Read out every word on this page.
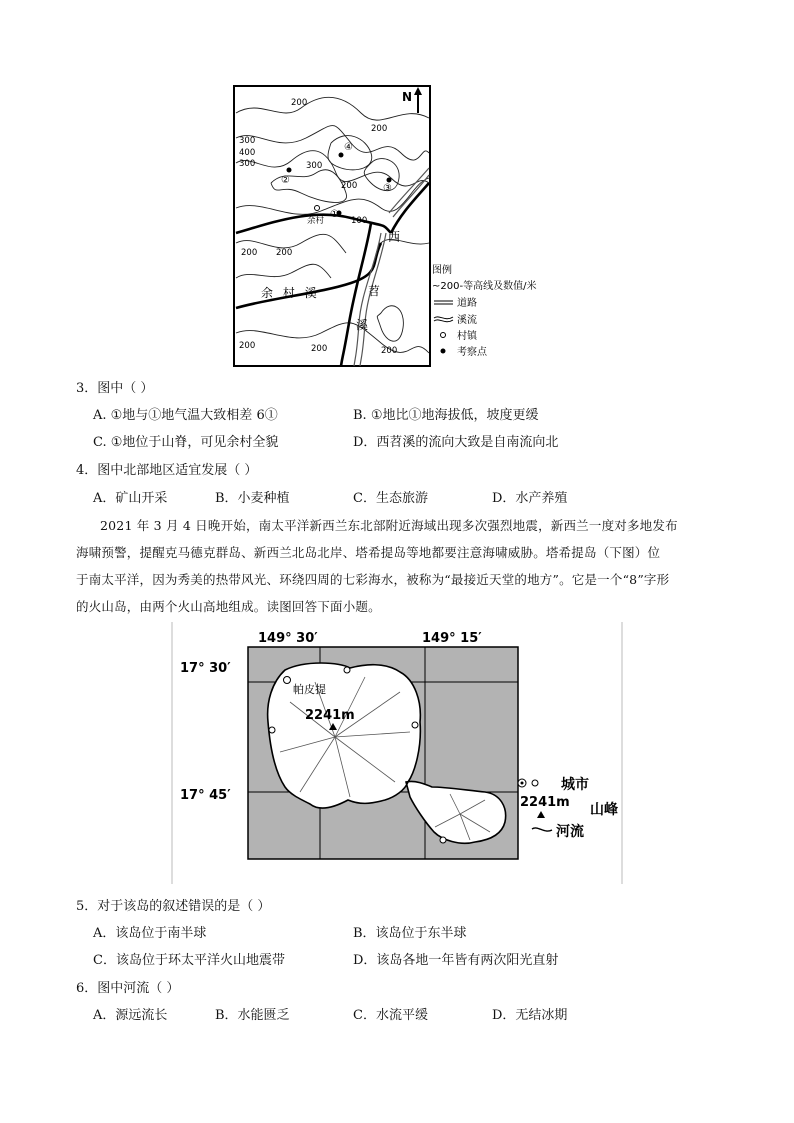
N
200
200
300
400
300	300
200
100
200 200
200	200	200
④
②
③
①
余村
余 村 溪
西
苕
溪
图例
~200-等高线及数值/米
道路
溪流
村镇
考察点
3．图中（ ）
A. ①地与①地气温大致相差 6①	B. ①地比①地海拔低，坡度更缓
C. ①地位于山脊，可见余村全貌	D．西苕溪的流向大致是自南流向北
4．图中北部地区适宜发展（ ）
A．矿山开采	B．小麦种植	C．生态旅游	D．水产养殖
2021 年 3 月 4 日晚开始，南太平洋新西兰东北部附近海域出现多次强烈地震，新西兰一度对多地发布
海啸预警，提醒克马德克群岛、新西兰北岛北岸、塔希提岛等地都要注意海啸威胁。塔希提岛（下图）位
于南太平洋，因为秀美的热带风光、环绕四周的七彩海水，被称为“最接近天堂的地方”。它是一个“8”字形
的火山岛，由两个火山高地组成。读图回答下面小题。
149° 30′	149° 15′
17° 30′
17° 45′
2241m
帕皮提
城市
2241m 山峰
河流
5．对于该岛的叙述错误的是（ ）
A．该岛位于南半球	B．该岛位于东半球
C．该岛位于环太平洋火山地震带	D．该岛各地一年皆有两次阳光直射
6．图中河流（ ）
A．源远流长	B．水能匮乏	C．水流平缓	D．无结冰期
